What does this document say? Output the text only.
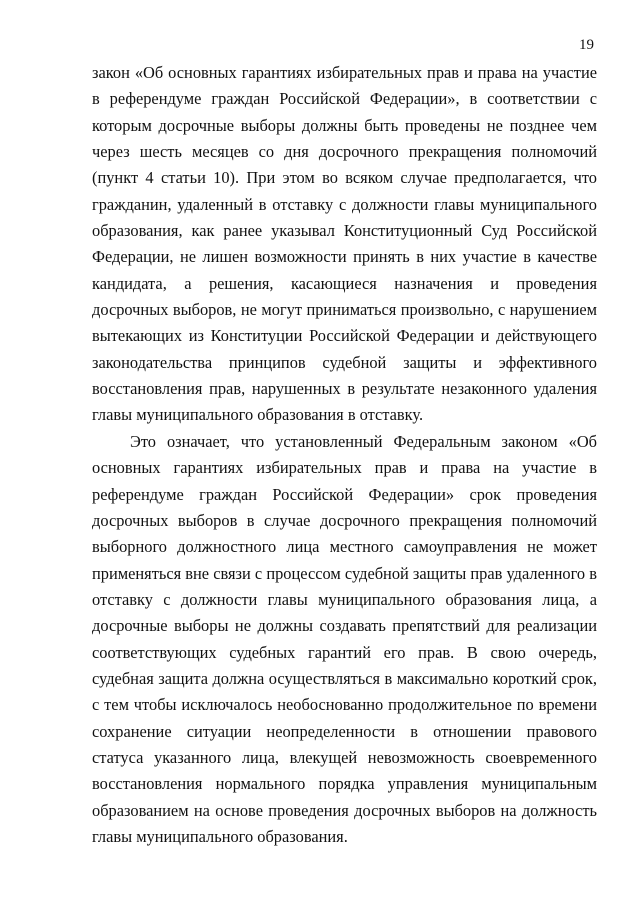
19

закон «Об основных гарантиях избирательных прав и права на участие в референдуме граждан Российской Федерации», в соответствии с которым досрочные выборы должны быть проведены не позднее чем через шесть месяцев со дня досрочного прекращения полномочий (пункт 4 статьи 10). При этом во всяком случае предполагается, что гражданин, удаленный в отставку с должности главы муниципального образования, как ранее указывал Конституционный Суд Российской Федерации, не лишен возможности принять в них участие в качестве кандидата, а решения, касающиеся назначения и проведения досрочных выборов, не могут приниматься произвольно, с нарушением вытекающих из Конституции Российской Федерации и действующего законодательства принципов судебной защиты и эффективного восстановления прав, нарушенных в результате незаконного удаления главы муниципального образования в отставку.

Это означает, что установленный Федеральным законом «Об основных гарантиях избирательных прав и права на участие в референдуме граждан Российской Федерации» срок проведения досрочных выборов в случае досрочного прекращения полномочий выборного должностного лица местного самоуправления не может применяться вне связи с процессом судебной защиты прав удаленного в отставку с должности главы муниципального образования лица, а досрочные выборы не должны создавать препятствий для реализации соответствующих судебных гарантий его прав. В свою очередь, судебная защита должна осуществляться в максимально короткий срок, с тем чтобы исключалось необоснованно продолжительное по времени сохранение ситуации неопределенности в отношении правового статуса указанного лица, влекущей невозможность своевременного восстановления нормального порядка управления муниципальным образованием на основе проведения досрочных выборов на должность главы муниципального образования.
